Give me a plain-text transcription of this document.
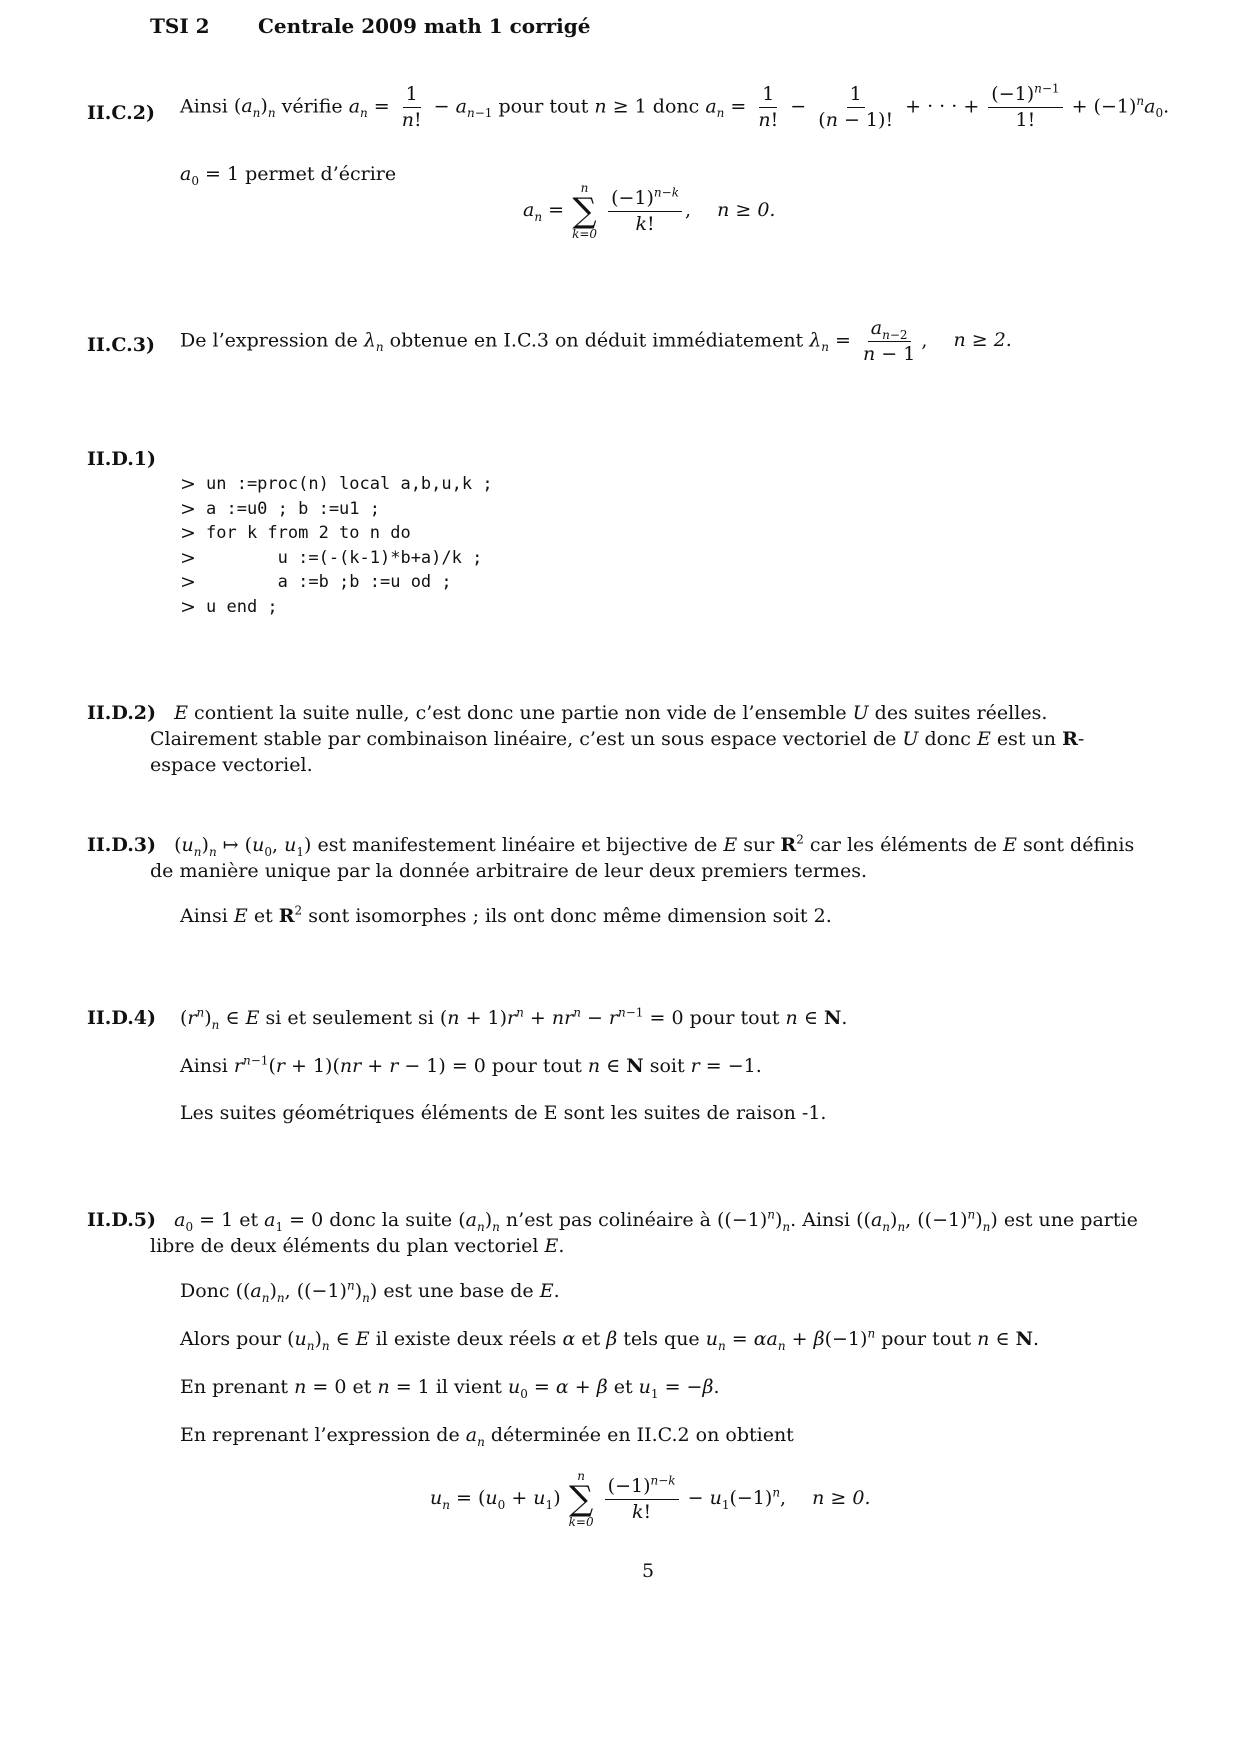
TSI 2 Centrale 2009 math 1 corrigé
II.C.2) Ainsi $(a_n)_n$ vérifie $a_n = \frac{1}{n!} - a_{n-1}$ pour tout n ≥ 1 donc $a_n = \frac{1}{n!} - \frac{1}{(n - 1)!}$ + · · · + $\frac{(-1)^{n-1}}{1!} + (-1)^na_0$.
$a_0 = 1$ permet d’écrire
$a_n$ =
n
∑
k=0
$\frac{(-1)^{n-k}}{k!}$ , n ≥ 0.
II.C.3) De l’expression de $\lambda_n$ obtenue en I.C.3 on déduit immédiatement $\lambda_n = \frac{a_{n-2}}{n - 1}$ , n ≥ 2.
II.D.1)
> un :=proc(n) local a,b,u,k ;
> a :=u0 ; b :=u1 ;
> for k from 2 to n do
> u :=(-(k-1)*b+a)/k ;
> a :=b ;b :=u od ;
> u end ;
II.D.2) E contient la suite nulle, c’est donc une partie non vide de l’ensemble U des suites réelles. Clairement stable par combinaison linéaire, c’est un sous espace vectoriel de U donc E est un R-espace vectoriel.
II.D.3)   $(u_n)_n$ ↦ ($u_0$, $u_1$) est manifestement linéaire et bijective de E sur $R^2$ car les éléments de E sont définis de manière unique par la donnée arbitraire de leur deux premiers termes.
Ainsi E et $R^2$ sont isomorphes ; ils ont donc même dimension soit 2.
II.D.4) $(r^n)_n$ ∈ E si et seulement si $(n + 1)r^n + nr^n - r^{n-1} = 0$ pour tout n ∈ N.
Ainsi $r^{n-1}(r + 1)(nr + r - 1) = 0$ pour tout n ∈ N soit r = −1.
Les suites géométriques éléments de E sont les suites de raison -1.
II.D.5) $a_0 = 1$ et $a_1 = 0$ donc la suite $(a_n)_n$ n’est pas colinéaire à $((-1)^n)_n$. Ainsi ($(a_n)_n$, $((-1)^n)_n$) est une partie libre de deux éléments du plan vectoriel E.
Donc ($(a_n)_n$, $((-1)^n)_n$) est une base de E.
Alors pour $(u_n)_n$ ∈ E il existe deux réels α et β tels que $u_n = \alpha a_n + \beta(-1)^n$ pour tout n ∈ N.
En prenant n = 0 et n = 1 il vient $u_0 = \alpha + \beta$ et $u_1 = -\beta$.
En reprenant l’expression de $a_n$ déterminée en II.C.2 on obtient
$u_n = (u_0 + u_1)$
n
∑
k=0
$\frac{(-1)^{n-k}}{k!} - u_1(-1)^n$, n ≥ 0.
5
